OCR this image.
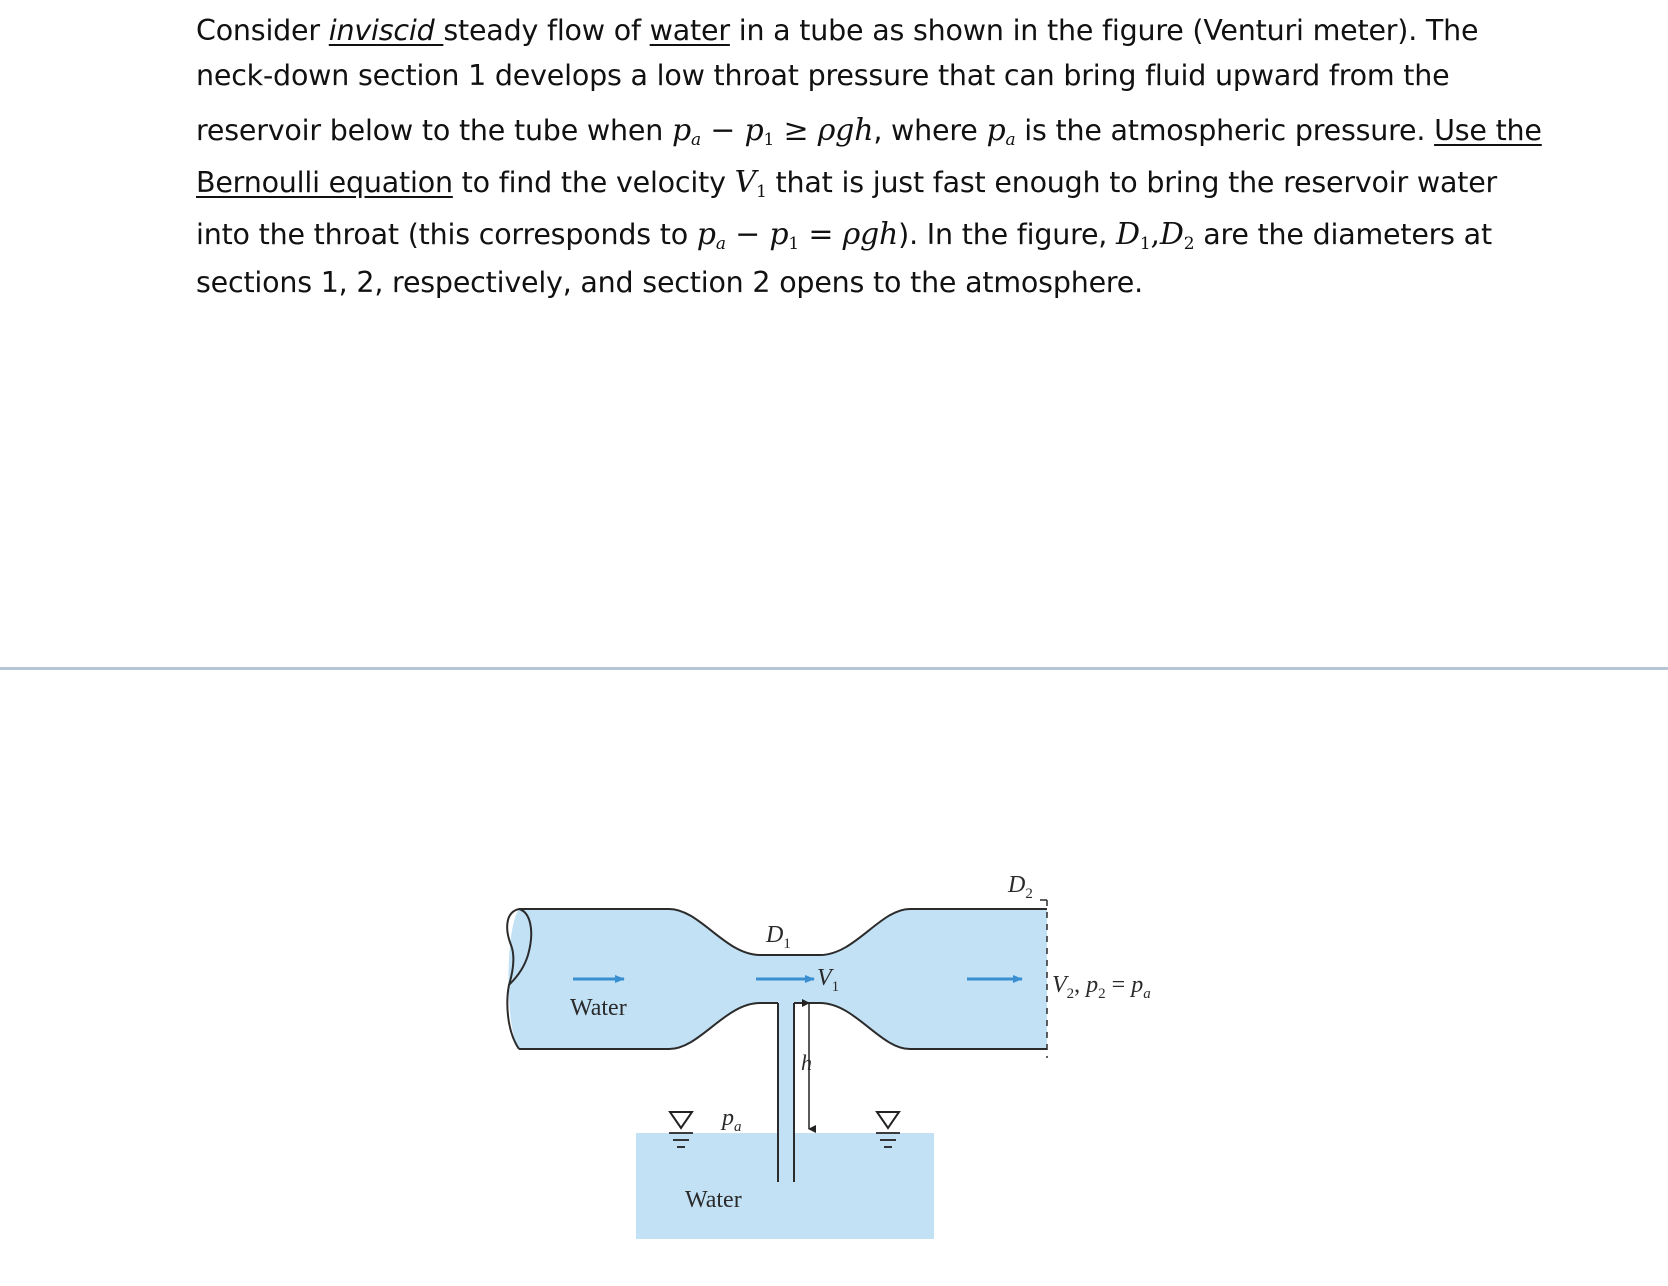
Consider inviscid steady flow of water in a tube as shown in the figure (Venturi meter). The
neck-down section 1 develops a low throat pressure that can bring fluid upward from the
reservoir below to the tube when $p_a - p_1 \ge \rho gh$, where $p_a$ is the atmospheric pressure. Use the
Bernoulli equation to find the velocity $V_1$ that is just fast enough to bring the reservoir water
into the throat (this corresponds to $p_a - p_1 = \rho gh$). In the figure, $D_1,D_2$ are the diameters at
sections 1, 2, respectively, and section 2 opens to the atmosphere.
Water
Water
$D_1$
$D_2$
$V_1$
h
$p_a$
$V_2$, $p_2 = p_a$
